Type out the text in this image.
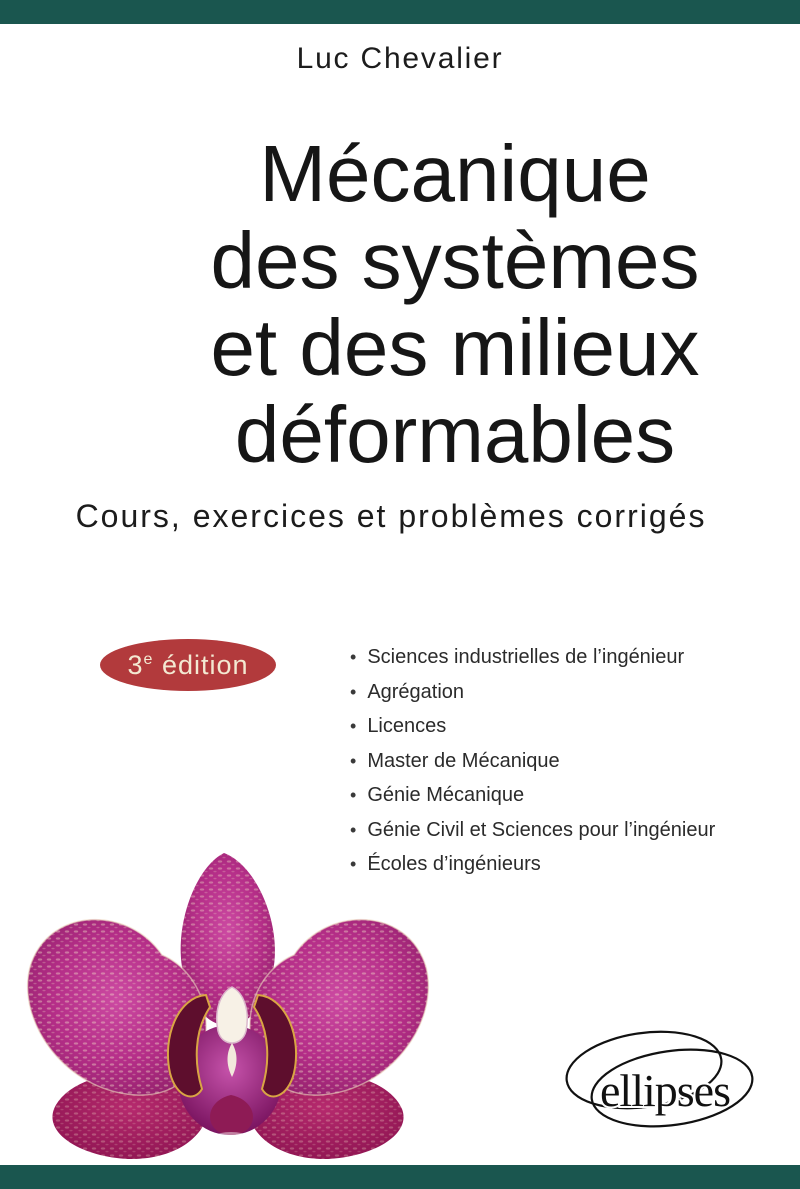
Luc Chevalier
Mécanique
des systèmes
et des milieux
déformables
Cours, exercices et problèmes corrigés
3e édition	• Sciences industrielles de l’ingénieur
• Agrégation
• Licences
• Master de Mécanique
• Génie Mécanique
• Génie Civil et Sciences pour l’ingénieur
• Écoles d’ingénieurs
ellipses
